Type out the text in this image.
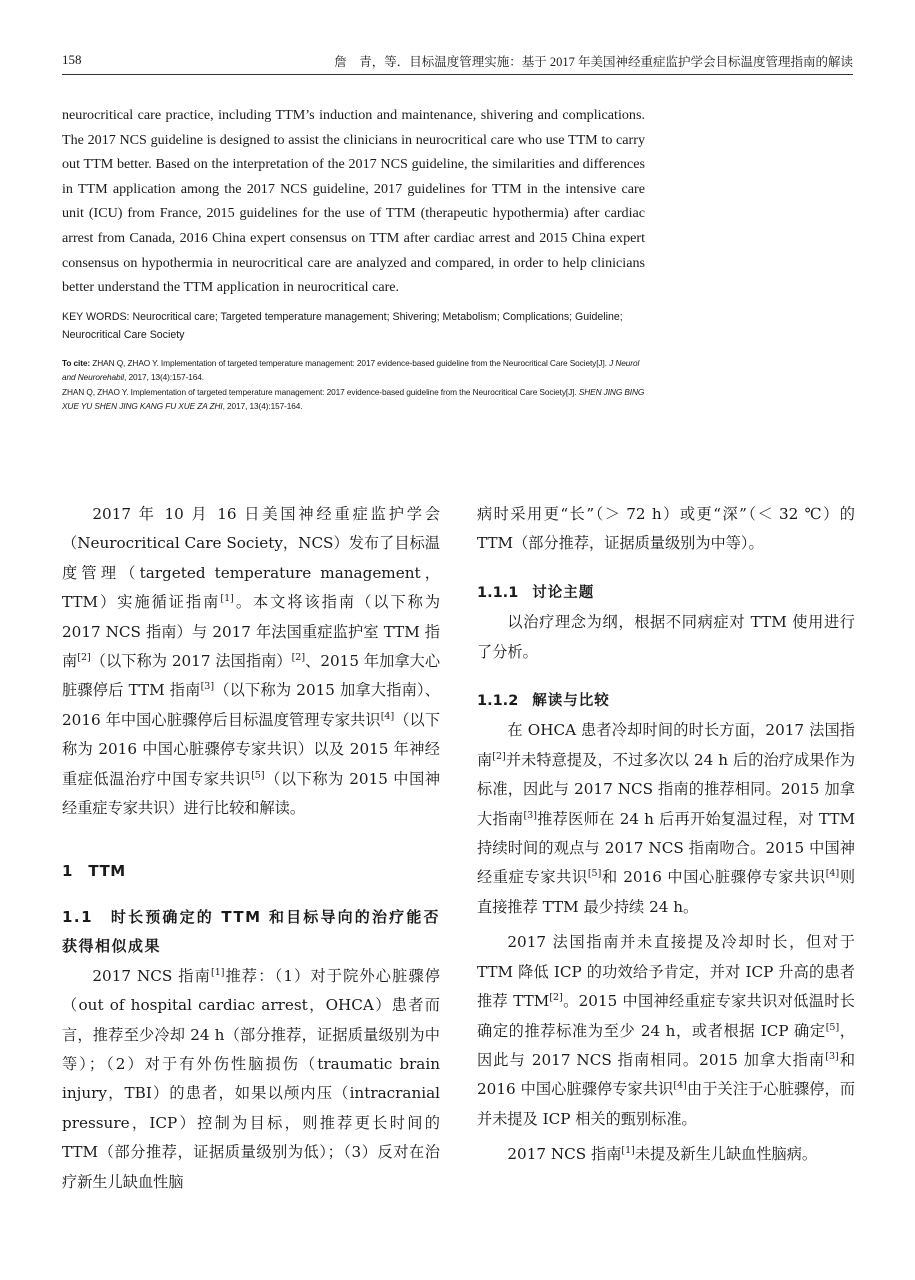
158	詹　青，等．目标温度管理实施：基于 2017 年美国神经重症监护学会目标温度管理指南的解读

neurocritical care practice, including TTM’s induction and maintenance, shivering and complications. The 2017 NCS guideline is designed to assist the clinicians in neurocritical care who use TTM to carry out TTM better. Based on the interpretation of the 2017 NCS guideline, the similarities and differences in TTM application among the 2017 NCS guideline, 2017 guidelines for TTM in the intensive care unit (ICU) from France, 2015 guidelines for the use of TTM (therapeutic hypothermia) after cardiac arrest from Canada, 2016 China expert consensus on TTM after cardiac arrest and 2015 China expert consensus on hypothermia in neurocritical care are analyzed and compared, in order to help clinicians better understand the TTM application in neurocritical care.

KEY WORDS: Neurocritical care; Targeted temperature management; Shivering; Metabolism; Complications; Guideline; Neurocritical Care Society

To cite: ZHAN Q, ZHAO Y. Implementation of targeted temperature management: 2017 evidence-based guideline from the Neurocritical Care Society[J]. J Neurol and Neurorehabil, 2017, 13(4):157-164.
ZHAN Q, ZHAO Y. Implementation of targeted temperature management: 2017 evidence-based guideline from the Neurocritical Care Society[J]. SHEN JING BING XUE YU SHEN JING KANG FU XUE ZA ZHI, 2017, 13(4):157-164.

2017 年 10 月 16 日美国神经重症监护学会（Neurocritical Care Society，NCS）发布了目标温度管理（targeted temperature management，TTM）实施循证指南[1]。本文将该指南（以下称为 2017 NCS 指南）与 2017 年法国重症监护室 TTM 指南[2]（以下称为 2017 法国指南）[2]、2015 年加拿大心脏骤停后 TTM 指南[3]（以下称为 2015 加拿大指南）、2016 年中国心脏骤停后目标温度管理专家共识[4]（以下称为 2016 中国心脏骤停专家共识）以及 2015 年神经重症低温治疗中国专家共识[5]（以下称为 2015 中国神经重症专家共识）进行比较和解读。

1　TTM
1.1　时长预确定的 TTM 和目标导向的治疗能否获得相似成果

2017 NCS 指南[1]推荐：（1）对于院外心脏骤停（out of hospital cardiac arrest，OHCA）患者而言，推荐至少冷却 24 h（部分推荐，证据质量级别为中等）；（2）对于有外伤性脑损伤（traumatic brain injury，TBI）的患者，如果以颅内压（intracranial pressure，ICP）控制为目标，则推荐更长时间的 TTM（部分推荐，证据质量级别为低）；（3）反对在治疗新生儿缺血性脑

病时采用更“长”（＞ 72 h）或更“深”（＜ 32 ℃）的 TTM（部分推荐，证据质量级别为中等）。

1.1.1 讨论主题

以治疗理念为纲，根据不同病症对 TTM 使用进行了分析。

1.1.2 解读与比较

在 OHCA 患者冷却时间的时长方面，2017 法国指南[2]并未特意提及，不过多次以 24 h 后的治疗成果作为标准，因此与 2017 NCS 指南的推荐相同。2015 加拿大指南[3]推荐医师在 24 h 后再开始复温过程，对 TTM 持续时间的观点与 2017 NCS 指南吻合。2015 中国神经重症专家共识[5]和 2016 中国心脏骤停专家共识[4]则直接推荐 TTM 最少持续 24 h。

2017 法国指南并未直接提及冷却时长，但对于 TTM 降低 ICP 的功效给予肯定，并对 ICP 升高的患者推荐 TTM[2]。2015 中国神经重症专家共识对低温时长确定的推荐标准为至少 24 h，或者根据 ICP 确定[5]，因此与 2017 NCS 指南相同。2015 加拿大指南[3]和 2016 中国心脏骤停专家共识[4]由于关注于心脏骤停，而并未提及 ICP 相关的甄别标准。

2017 NCS 指南[1]未提及新生儿缺血性脑病。
